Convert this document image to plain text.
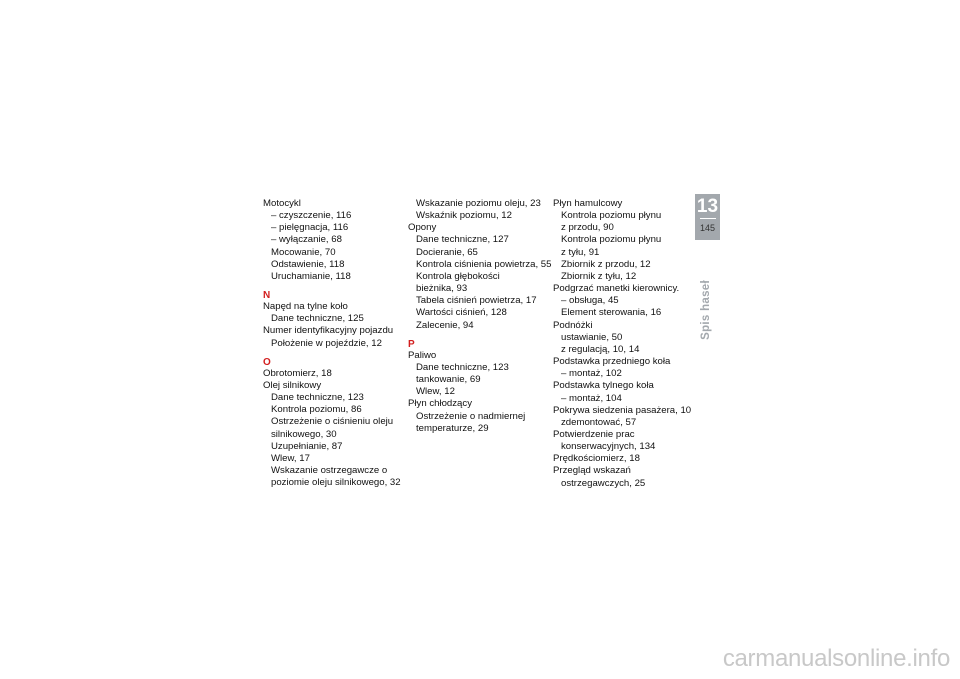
Motocykl
– czyszczenie, 116
– pielęgnacja, 116
– wyłączanie, 68
Mocowanie, 70
Odstawienie, 118
Uruchamianie, 118
N
Napęd na tylne koło
Dane techniczne, 125
Numer identyfikacyjny pojazdu
Położenie w pojeździe, 12
O
Obrotomierz, 18
Olej silnikowy
Dane techniczne, 123
Kontrola poziomu, 86
Ostrzeżenie o ciśnieniu oleju
silnikowego, 30
Uzupełnianie, 87
Wlew, 17
Wskazanie ostrzegawcze o
poziomie oleju silnikowego, 32
Wskazanie poziomu oleju, 23
Wskaźnik poziomu, 12
Opony
Dane techniczne, 127
Docieranie, 65
Kontrola ciśnienia powietrza, 55
Kontrola głębokości
bieżnika, 93
Tabela ciśnień powietrza, 17
Wartości ciśnień, 128
Zalecenie, 94
P
Paliwo
Dane techniczne, 123
tankowanie, 69
Wlew, 12
Płyn chłodzący
Ostrzeżenie o nadmiernej
temperaturze, 29
Płyn hamulcowy
Kontrola poziomu płynu
z przodu, 90
Kontrola poziomu płynu
z tyłu, 91
Zbiornik z przodu, 12
Zbiornik z tyłu, 12
Podgrzać manetki kierownicy.
– obsługa, 45
Element sterowania, 16
Podnóżki
ustawianie, 50
z regulacją, 10, 14
Podstawka przedniego koła
– montaż, 102
Podstawka tylnego koła
– montaż, 104
Pokrywa siedzenia pasażera, 10
zdemontować, 57
Potwierdzenie prac
konserwacyjnych, 134
Prędkościomierz, 18
Przegląd wskazań
ostrzegawczych, 25
13
145
Spis haseł
carmanualsonline.info
